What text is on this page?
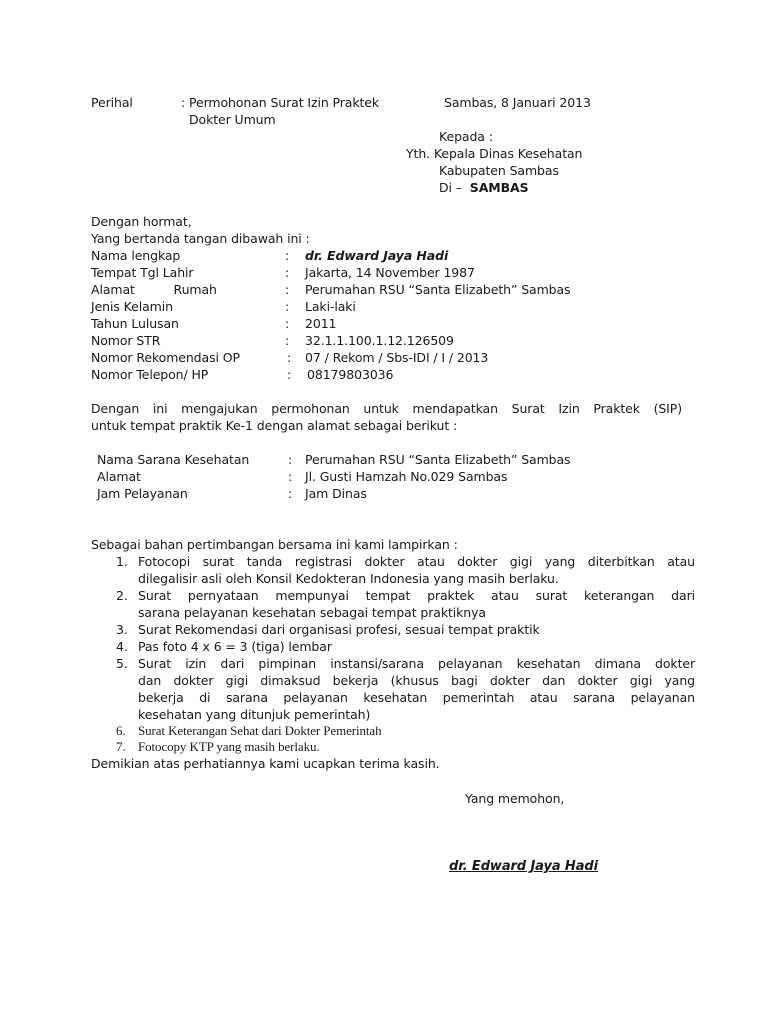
Perihal	: Permohonan Surat Izin Praktek
Dokter Umum
Sambas, 8 Januari 2013
Kepada :
Yth. Kepala Dinas Kesehatan
Kabupaten Sambas
Di – SAMBAS
Dengan hormat,
Yang bertanda tangan dibawah ini :
Nama lengkap	: dr. Edward Jaya Hadi
Tempat Tgl Lahir	: Jakarta, 14 November 1987
Alamat          Rumah	: Perumahan RSU “Santa Elizabeth” Sambas
Jenis Kelamin	: Laki-laki
Tahun Lulusan	: 2011
Nomor STR	: 32.1.1.100.1.12.126509
Nomor Rekomendasi OP	: 07 / Rekom / Sbs-IDI / I / 2013
Nomor Telepon/ HP	: 08179803036
Dengan ini mengajukan permohonan untuk mendapatkan Surat Izin Praktek (SIP)
untuk tempat praktik Ke-1 dengan alamat sebagai berikut :
Nama Sarana Kesehatan	: Perumahan RSU “Santa Elizabeth” Sambas
Alamat	: Jl. Gusti Hamzah No.029 Sambas
Jam Pelayanan	: Jam Dinas
Sebagai bahan pertimbangan bersama ini kami lampirkan :
1. Fotocopi surat tanda registrasi dokter atau dokter gigi yang diterbitkan atau
dilegalisir asli oleh Konsil Kedokteran Indonesia yang masih berlaku.
2. Surat pernyataan mempunyai tempat praktek atau surat keterangan dari
sarana pelayanan kesehatan sebagai tempat praktiknya
3. Surat Rekomendasi dari organisasi profesi, sesuai tempat praktik
4. Pas foto 4 x 6 = 3 (tiga) lembar
5. Surat izin dari pimpinan instansi/sarana pelayanan kesehatan dimana dokter
dan dokter gigi dimaksud bekerja (khusus bagi dokter dan dokter gigi yang
bekerja di sarana pelayanan kesehatan pemerintah atau sarana pelayanan
kesehatan yang ditunjuk pemerintah)
6. Surat Keterangan Sehat dari Dokter Pemerintah
7. Fotocopy KTP yang masih berlaku.
Demikian atas perhatiannya kami ucapkan terima kasih.
Yang memohon,
dr. Edward Jaya Hadi
